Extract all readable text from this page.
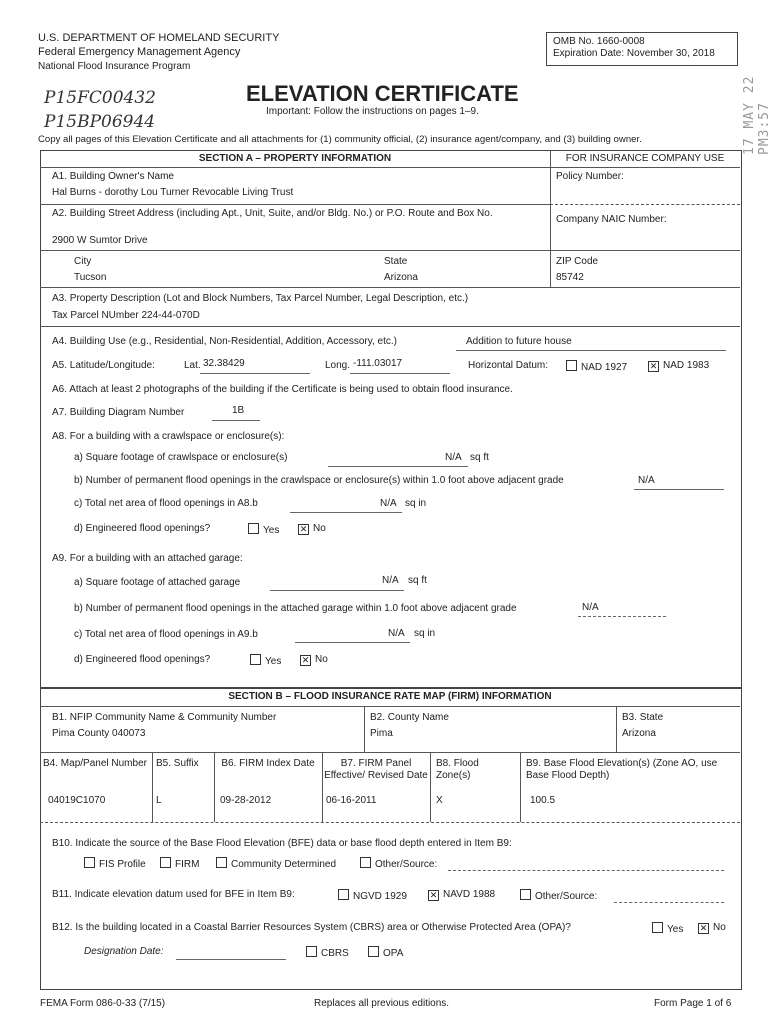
U.S. DEPARTMENT OF HOMELAND SECURITY
Federal Emergency Management Agency
National Flood Insurance Program
OMB No. 1660-0008
Expiration Date: November 30, 2018
17 MAY 22 PM3:57
P15FC00432
P15BP06944
ELEVATION CERTIFICATE
Important: Follow the instructions on pages 1–9.
Copy all pages of this Elevation Certificate and all attachments for (1) community official, (2) insurance agent/company, and (3) building owner.
SECTION A – PROPERTY INFORMATION	FOR INSURANCE COMPANY USE
A1. Building Owner's Name
Hal Burns - dorothy Lou Turner Revocable Living Trust
Policy Number:
A2. Building Street Address (including Apt., Unit, Suite, and/or Bldg. No.) or P.O. Route and Box No.
2900 W Sumtor Drive
Company NAIC Number:
City
Tucson
State
Arizona
ZIP Code
85742
A3. Property Description (Lot and Block Numbers, Tax Parcel Number, Legal Description, etc.)
Tax Parcel NUmber 224-44-070D
A4. Building Use (e.g., Residential, Non-Residential, Addition, Accessory, etc.)	Addition to future house
A5. Latitude/Longitude:	Lat. 32.38429	Long. -111.03017	Horizontal Datum:	NAD 1927	✕ NAD 1983
A6. Attach at least 2 photographs of the building if the Certificate is being used to obtain flood insurance.
A7. Building Diagram Number	1B
A8. For a building with a crawlspace or enclosure(s):
a) Square footage of crawlspace or enclosure(s)	N/A sq ft
b) Number of permanent flood openings in the crawlspace or enclosure(s) within 1.0 foot above adjacent grade	N/A
c) Total net area of flood openings in A8.b	N/A sq in
d) Engineered flood openings?	Yes ✕ No
A9. For a building with an attached garage:
a) Square footage of attached garage	N/A sq ft
b) Number of permanent flood openings in the attached garage within 1.0 foot above adjacent grade	N/A
c) Total net area of flood openings in A9.b	N/A sq in
d) Engineered flood openings?	Yes ✕ No
SECTION B – FLOOD INSURANCE RATE MAP (FIRM) INFORMATION
B1. NFIP Community Name & Community Number
Pima County 040073
B2. County Name
Pima
B3. State
Arizona
B4. Map/Panel Number
04019C1070
B5. Suffix
L
B6. FIRM Index Date
09-28-2012
B7. FIRM Panel Effective/ Revised Date
06-16-2011
B8. Flood Zone(s)
X
B9. Base Flood Elevation(s) (Zone AO, use Base Flood Depth)
100.5
B10. Indicate the source of the Base Flood Elevation (BFE) data or base flood depth entered in Item B9:
FIS Profile	FIRM	Community Determined	Other/Source:
B11. Indicate elevation datum used for BFE in Item B9:	NGVD 1929	✕ NAVD 1988	Other/Source:
B12. Is the building located in a Coastal Barrier Resources System (CBRS) area or Otherwise Protected Area (OPA)?	Yes ✕ No
Designation Date:	CBRS	OPA
FEMA Form 086-0-33 (7/15)	Replaces all previous editions.	Form Page 1 of 6
